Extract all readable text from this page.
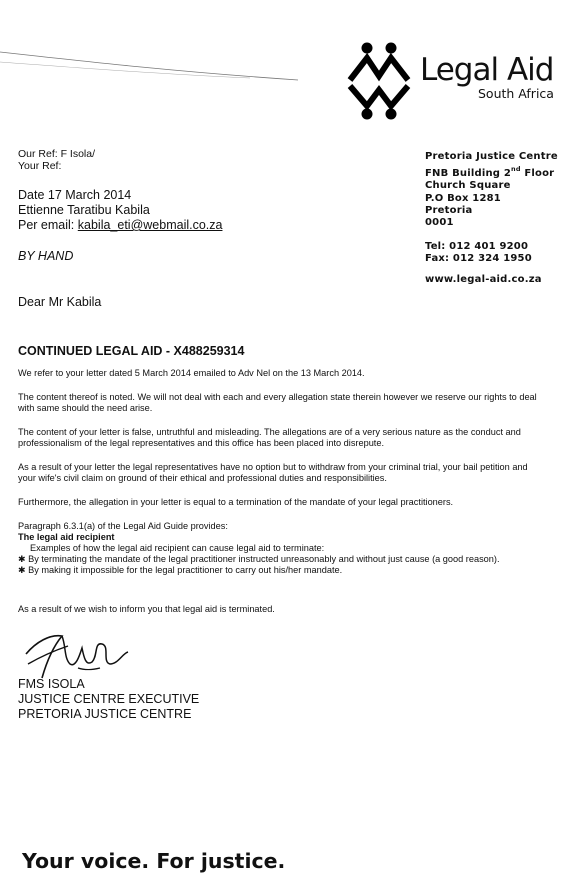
Legal Aid
South Africa
Our Ref: F Isola/
Your Ref:
Date 17 March 2014
Ettienne Taratibu Kabila
Per email: kabila_eti@webmail.co.za
BY HAND
Pretoria Justice Centre
FNB Building 2nd Floor
Church Square
P.O Box 1281
Pretoria
0001
Tel: 012 401 9200
Fax: 012 324 1950
www.legal-aid.co.za
Dear Mr Kabila
CONTINUED LEGAL AID - X488259314
We refer to your letter dated 5 March 2014 emailed to Adv Nel on the 13 March 2014.
The content thereof is noted. We will not deal with each and every allegation state therein however we reserve our rights to deal with same should the need arise.
The content of your letter is false, untruthful and misleading. The allegations are of a very serious nature as the conduct and professionalism of the legal representatives and this office has been placed into disrepute.
As a result of your letter the legal representatives have no option but to withdraw from your criminal trial, your bail petition and your wife's civil claim on ground of their ethical and professional duties and responsibilities.
Furthermore, the allegation in your letter is equal to a termination of the mandate of your legal practitioners.
Paragraph 6.3.1(a) of the Legal Aid Guide provides:
The legal aid recipient
Examples of how the legal aid recipient can cause legal aid to terminate:
✱ By terminating the mandate of the legal practitioner instructed unreasonably and without just cause (a good reason).
✱ By making it impossible for the legal practitioner to carry out his/her mandate.
As a result of we wish to inform you that legal aid is terminated.
FMS ISOLA
JUSTICE CENTRE EXECUTIVE
PRETORIA JUSTICE CENTRE
Your voice. For justice.
